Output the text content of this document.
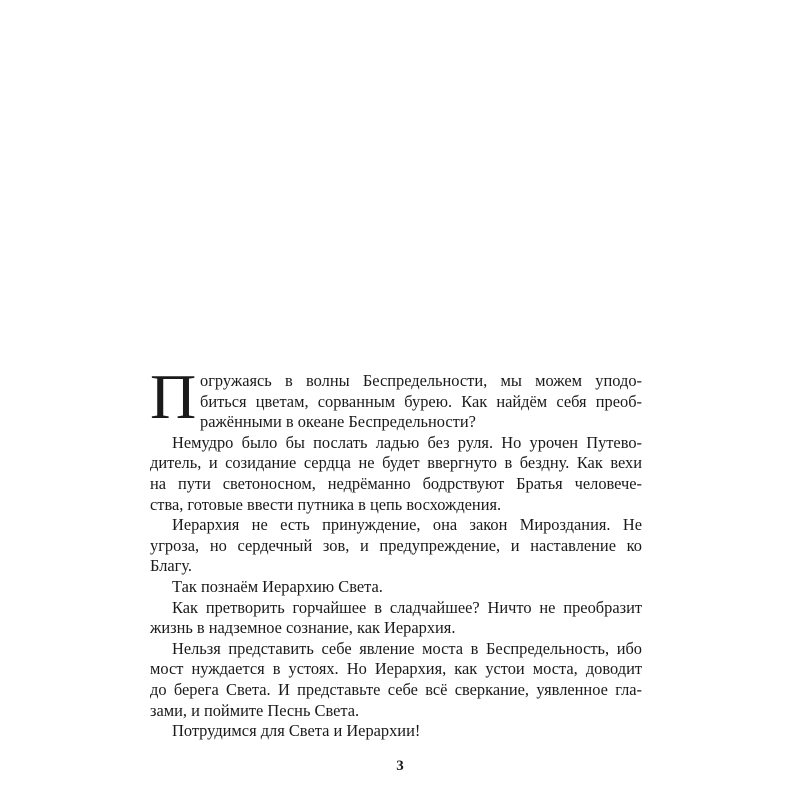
П огружаясь в волны Беспредельности, мы можем уподо-
биться цветам, сорванным бурею. Как найдём себя преоб-
ражёнными в океане Беспредельности?
Немудро было бы послать ладью без руля. Но урочен Путево-
дитель, и созидание сердца не будет ввергнуто в бездну. Как вехи
на пути светоносном, недрёманно бодрствуют Братья человече-
ства, готовые ввести путника в цепь восхождения.
Иерархия не есть принуждение, она закон Мироздания. Не
угроза, но сердечный зов, и предупреждение, и наставление ко
Благу.
Так познаём Иерархию Света.
Как претворить горчайшее в сладчайшее? Ничто не преобразит
жизнь в надземное сознание, как Иерархия.
Нельзя представить себе явление моста в Беспредельность, ибо
мост нуждается в устоях. Но Иерархия, как устои моста, доводит
до берега Света. И представьте себе всё сверкание, уявленное гла-
зами, и поймите Песнь Света.
Потрудимся для Света и Иерархии!
3
